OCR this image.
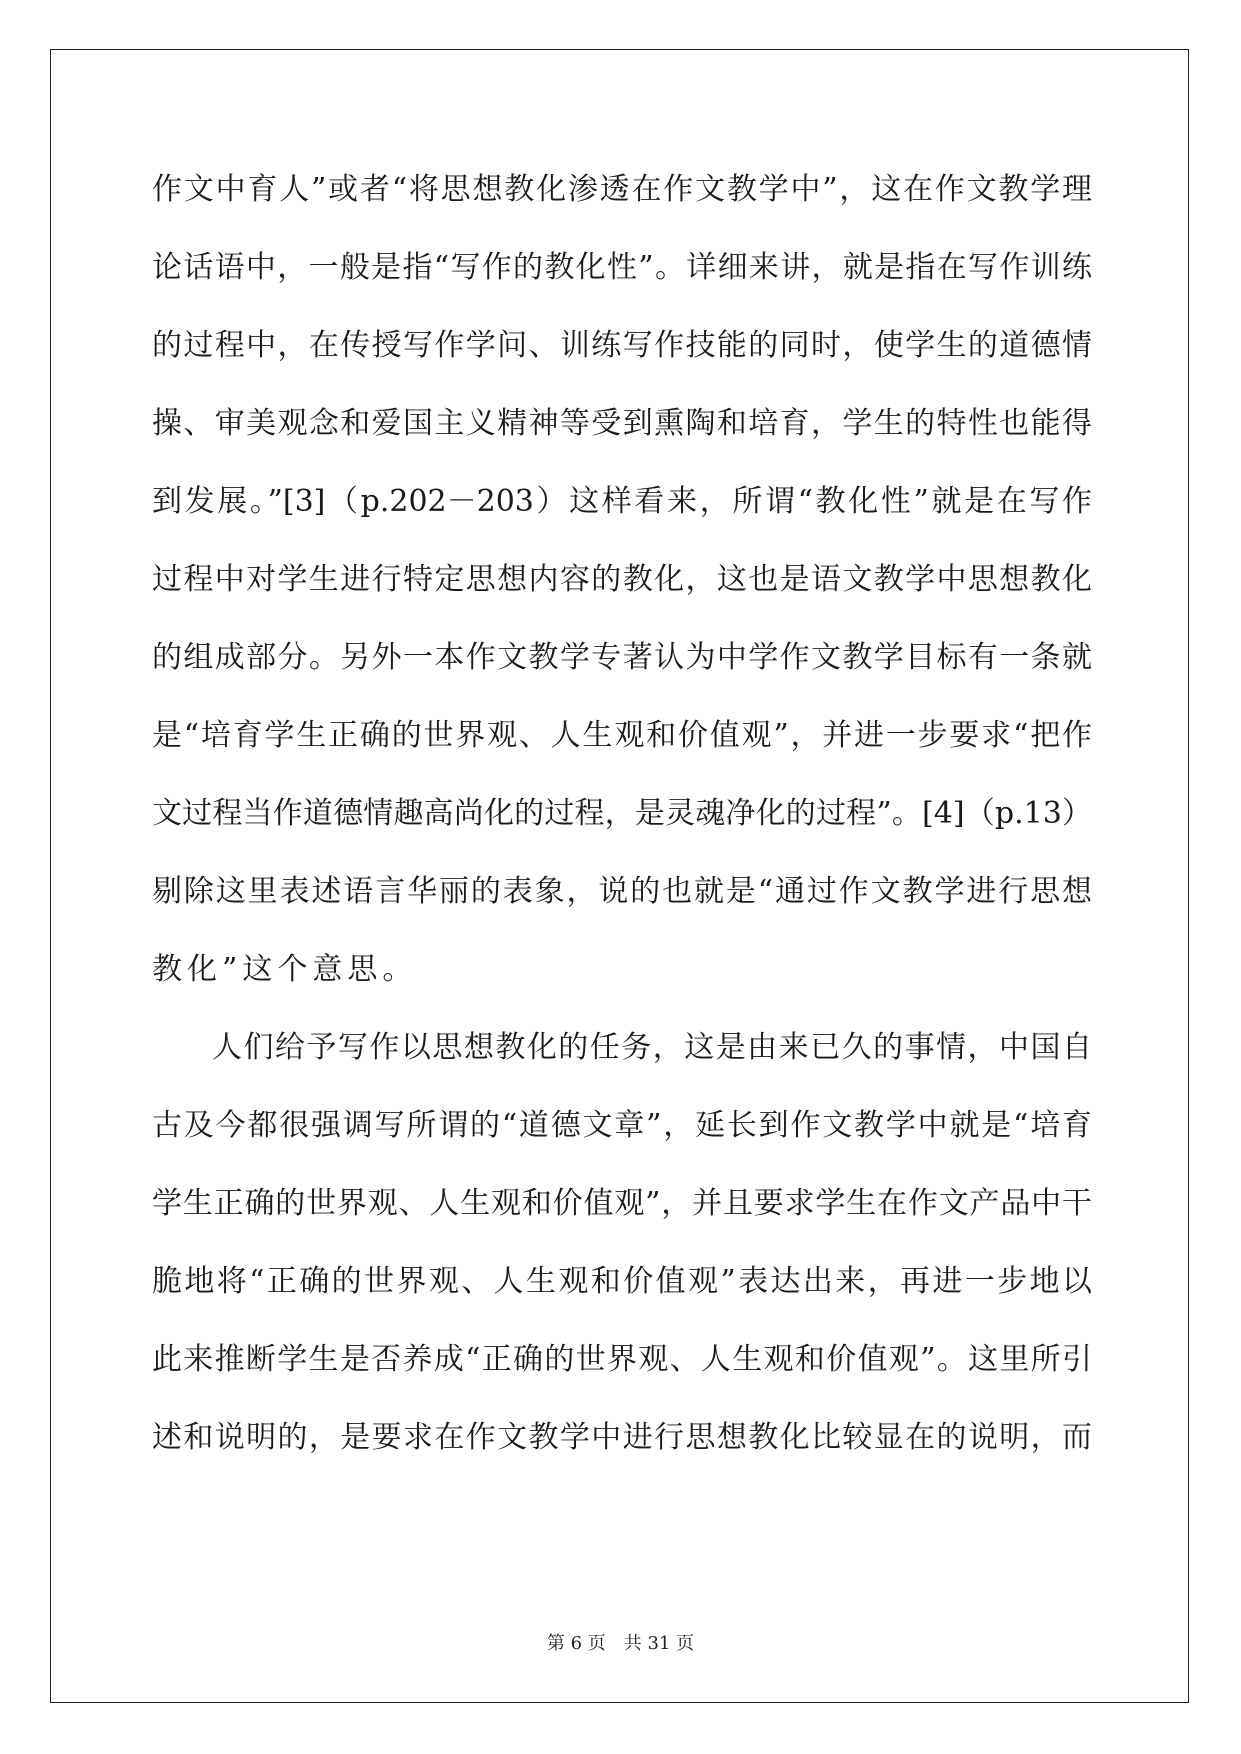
作文中育人”或者“将思想教化渗透在作文教学中”，这在作文教学理
论话语中，一般是指“写作的教化性”。详细来讲，就是指在写作训练
的过程中，在传授写作学问、训练写作技能的同时，使学生的道德情
操、审美观念和爱国主义精神等受到熏陶和培育，学生的特性也能得
到发展。”[3]（p.202－203）这样看来，所谓“教化性”就是在写作
过程中对学生进行特定思想内容的教化，这也是语文教学中思想教化
的组成部分。另外一本作文教学专著认为中学作文教学目标有一条就
是“培育学生正确的世界观、人生观和价值观”，并进一步要求“把作
文过程当作道德情趣高尚化的过程，是灵魂净化的过程”。[4]（p.13）
剔除这里表述语言华丽的表象，说的也就是“通过作文教学进行思想
教化”这个意思。
人们给予写作以思想教化的任务，这是由来已久的事情，中国自
古及今都很强调写所谓的“道德文章”，延长到作文教学中就是“培育
学生正确的世界观、人生观和价值观”，并且要求学生在作文产品中干
脆地将“正确的世界观、人生观和价值观”表达出来，再进一步地以
此来推断学生是否养成“正确的世界观、人生观和价值观”。这里所引
述和说明的，是要求在作文教学中进行思想教化比较显在的说明，而
第 6 页　共 31 页
